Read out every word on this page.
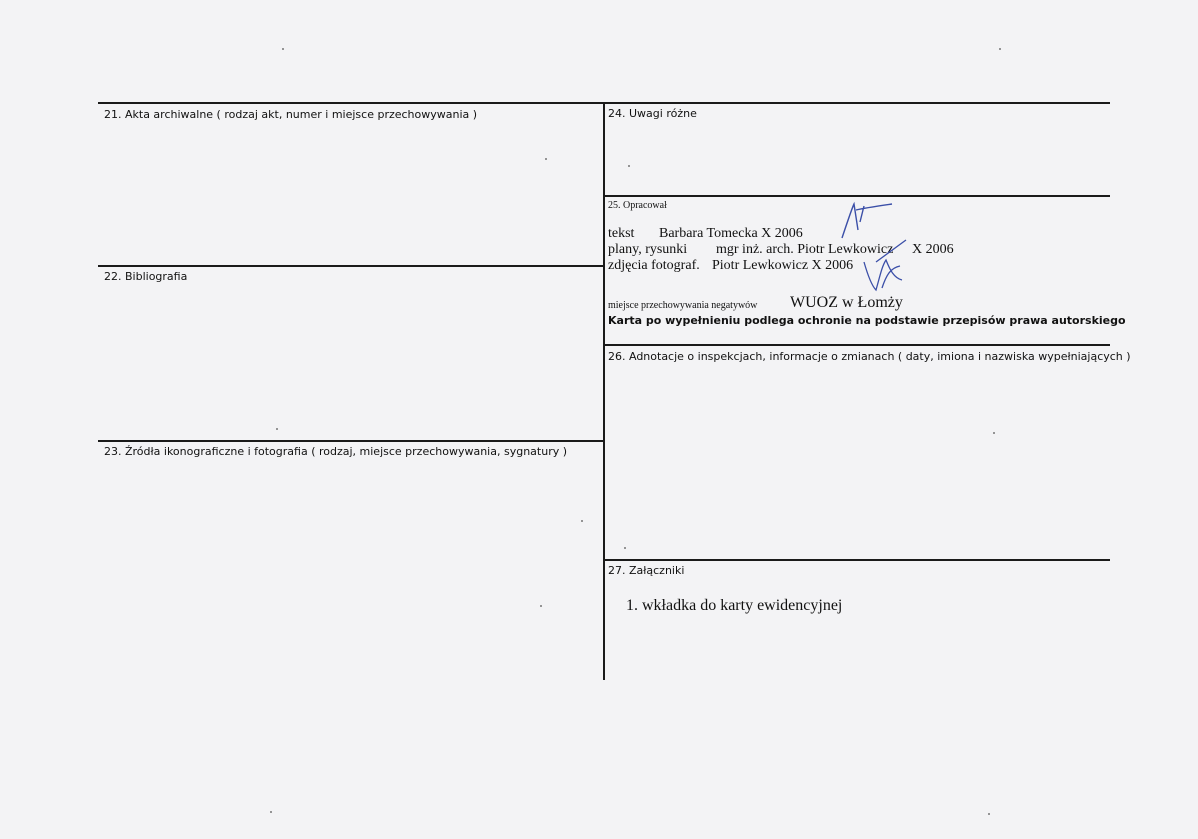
21. Akta archiwalne ( rodzaj akt, numer i miejsce przechowywania )
22. Bibliografia
23. Źródła ikonograficzne i fotografia ( rodzaj, miejsce przechowywania, sygnatury )
24. Uwagi różne
25. Opracował
tekst Barbara Tomecka X 2006
plany, rysunki mgr inż. arch. Piotr Lewkowicz X 2006
zdjęcia fotograf. Piotr Lewkowicz X 2006
miejsce przechowywania negatywów WUOZ w Łomży
Karta po wypełnieniu podlega ochronie na podstawie przepisów prawa autorskiego
26. Adnotacje o inspekcjach, informacje o zmianach ( daty, imiona i nazwiska wypełniających )
27. Załączniki
1. wkładka do karty ewidencyjnej
